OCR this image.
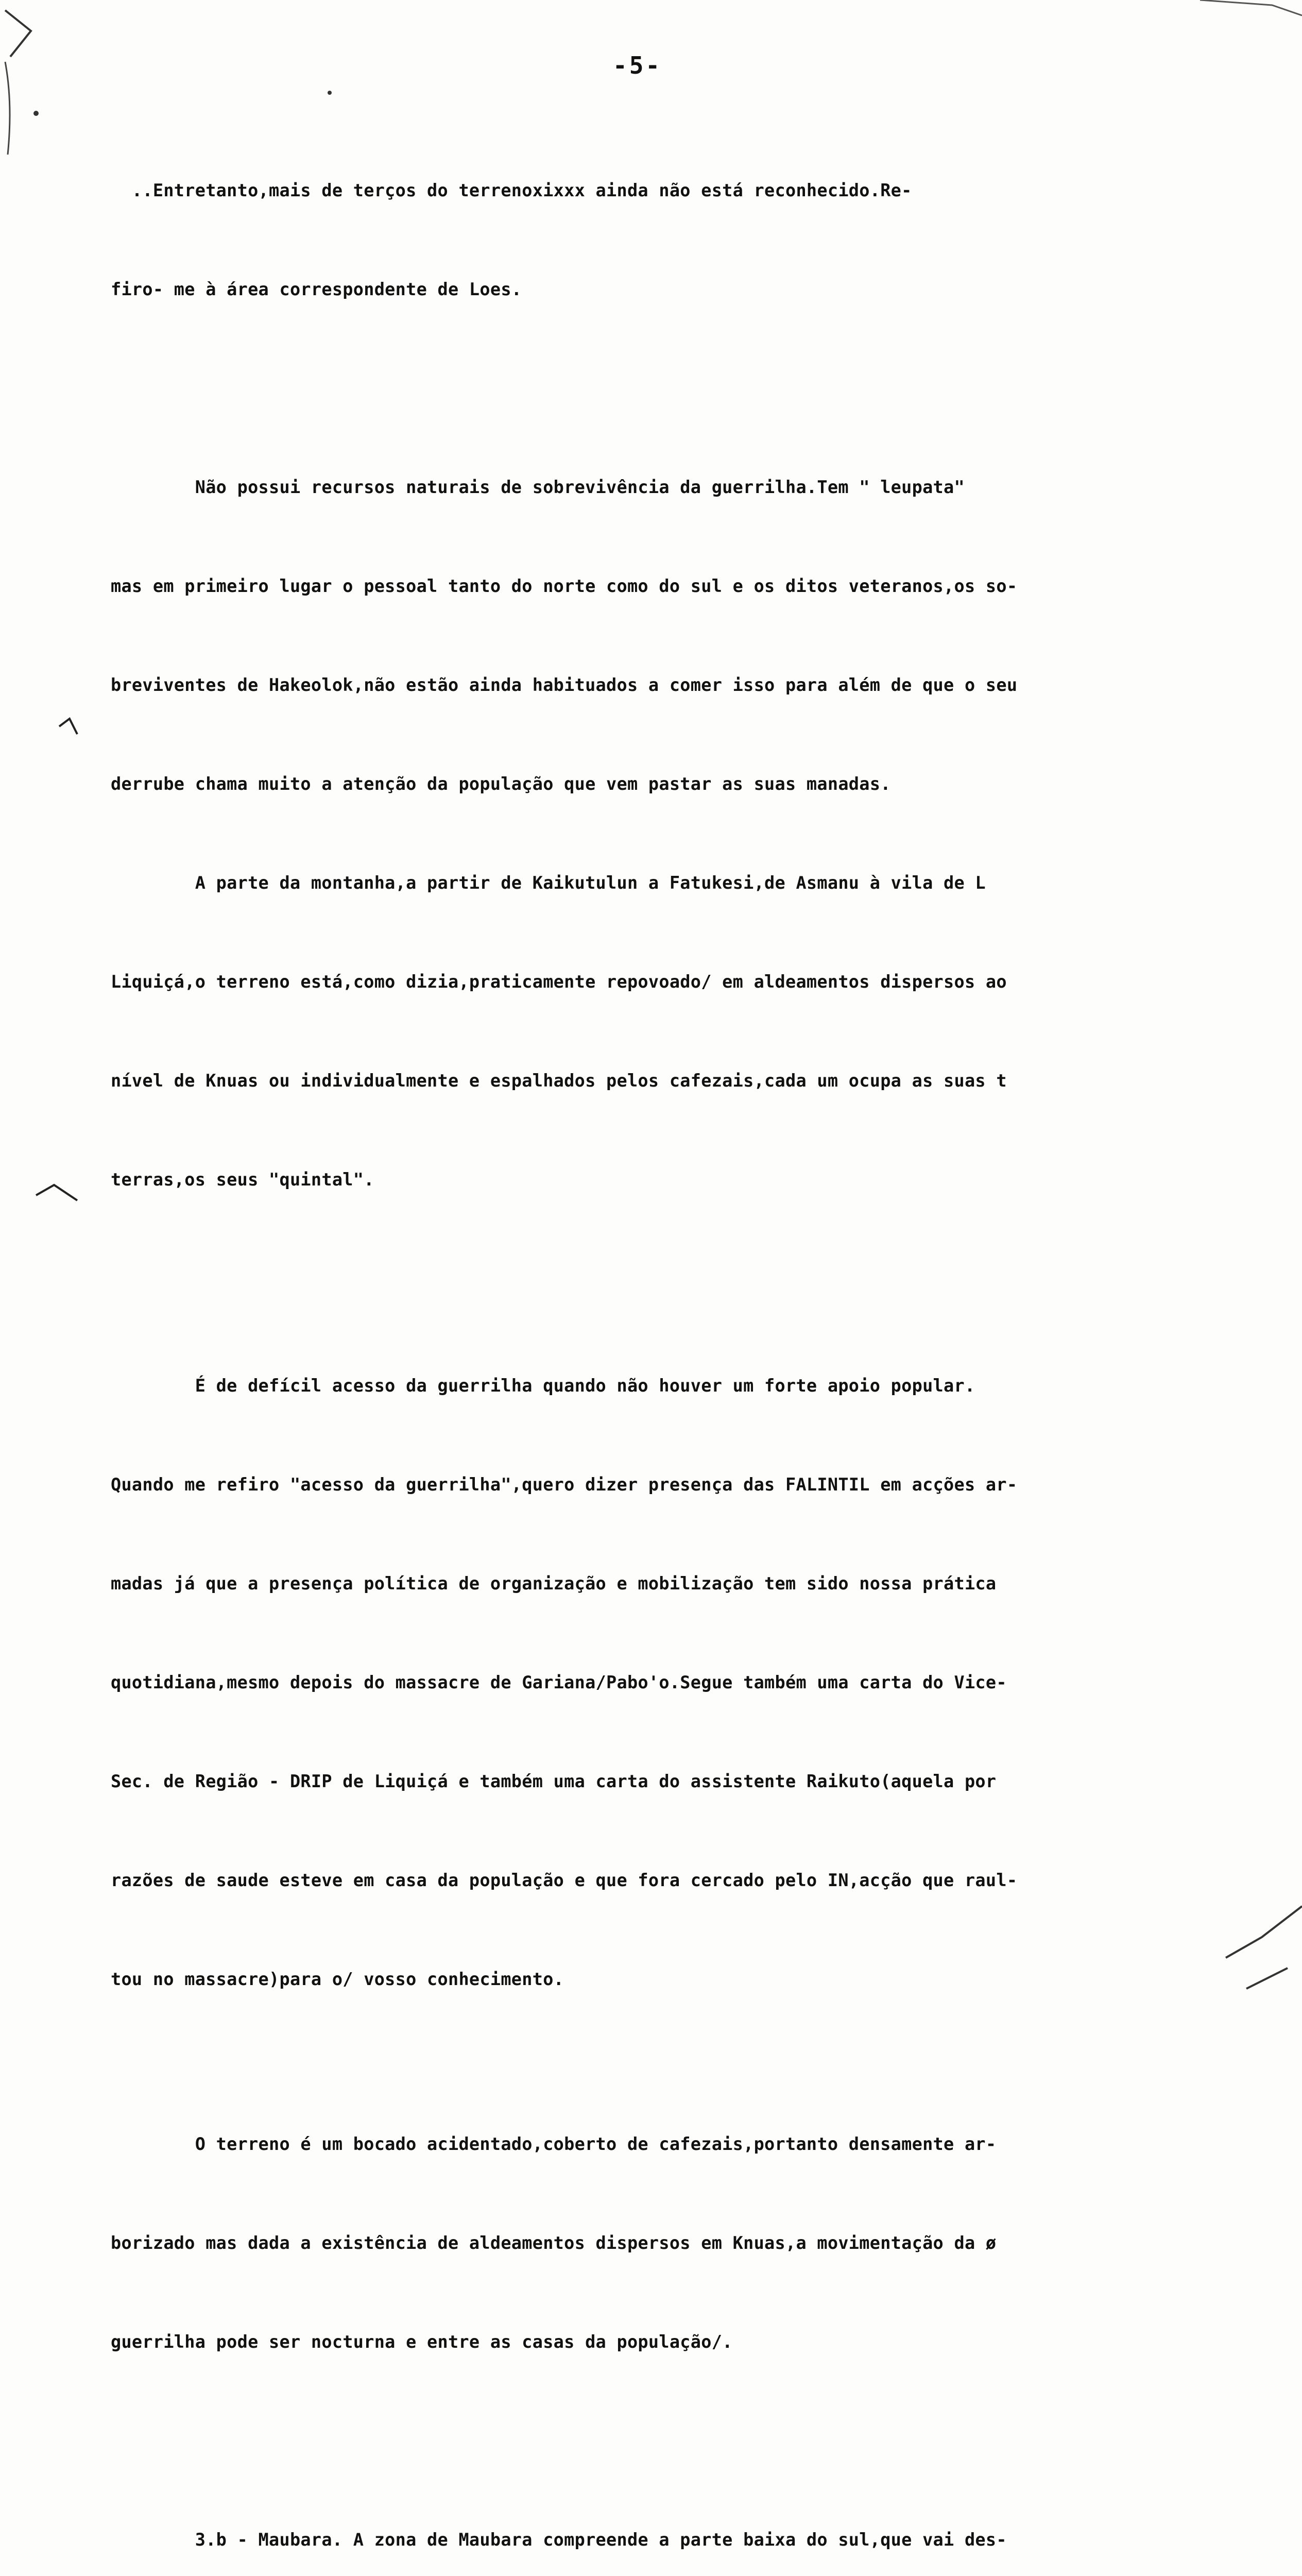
-5-

..Entretanto,mais de terços do terrenoxixxx ainda não está reconhecido.Re-

firo- me à área correspondente de Loes.

Não possui recursos naturais de sobrevivência da guerrilha.Tem " leupata"

mas em primeiro lugar o pessoal tanto do norte como do sul e os ditos veteranos,os so-

breviventes de Hakeolok,não estão ainda habituados a comer isso para além de que o seu

derrube chama muito a atenção da população que vem pastar as suas manadas.

A parte da montanha,a partir de Kaikutulun a Fatukesi,de Asmanu à vila de L

Liquiçá,o terreno está,como dizia,praticamente repovoado/ em aldeamentos dispersos ao

nível de Knuas ou individualmente e espalhados pelos cafezais,cada um ocupa as suas t

terras,os seus "quintal".

É de defícil acesso da guerrilha quando não houver um forte apoio popular.

Quando me refiro "acesso da guerrilha",quero dizer presença das FALINTIL em acções ar-

madas já que a presença política de organização e mobilização tem sido nossa prática

quotidiana,mesmo depois do massacre de Gariana/Pabo'o.Segue também uma carta do Vice-

Sec. de Região - DRIP de Liquiçá e também uma carta do assistente Raikuto(aquela por

razões de saude esteve em casa da população e que fora cercado pelo IN,acção que raul-

tou no massacre)para o/ vosso conhecimento.

O terreno é um bocado acidentado,coberto de cafezais,portanto densamente ar-

borizado mas dada a existência de aldeamentos dispersos em Knuas,a movimentação da ø

guerrilha pode ser nocturna e entre as casas da população/.

3.b - Maubara. A zona de Maubara compreende a parte baixa do sul,que vai des-
